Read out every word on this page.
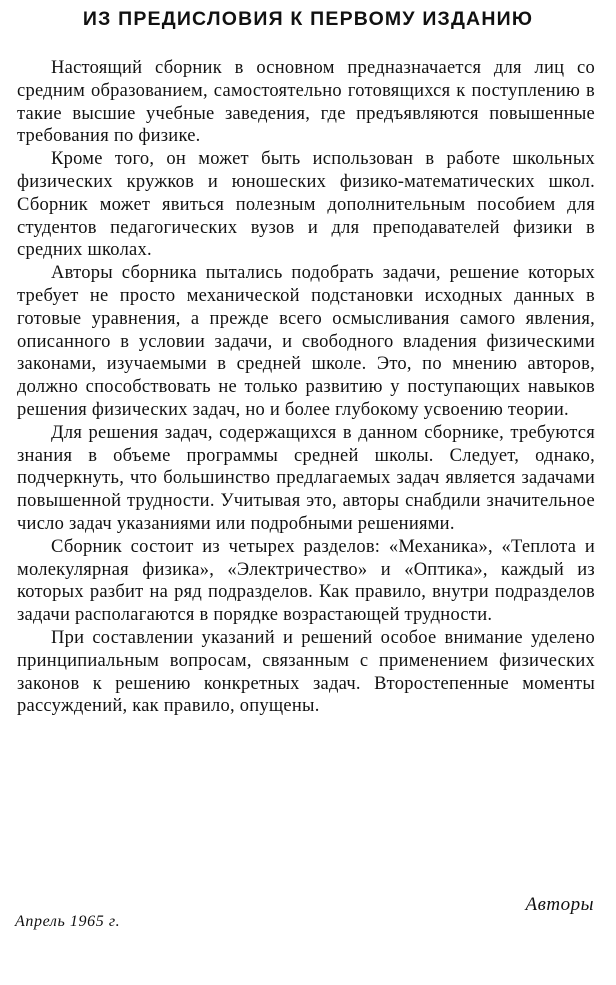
ИЗ ПРЕДИСЛОВИЯ К ПЕРВОМУ ИЗДАНИЮ

Настоящий сборник в основном предназначается для лиц со средним образованием, самостоятельно готовящихся к поступлению в такие высшие учебные заведения, где предъявляются повышенные требования по физике.

Кроме того, он может быть использован в работе школьных физических кружков и юношеских физико-математических школ. Сборник может явиться полезным дополнительным пособием для студентов педагогических вузов и для преподавателей физики в средних школах.

Авторы сборника пытались подобрать задачи, решение которых требует не просто механической подстановки исходных данных в готовые уравнения, а прежде всего осмысливания самого явления, описанного в условии задачи, и свободного владения физическими законами, изучаемыми в средней школе. Это, по мнению авторов, должно способствовать не только развитию у поступающих навыков решения физических задач, но и более глубокому усвоению теории.

Для решения задач, содержащихся в данном сборнике, требуются знания в объеме программы средней школы. Следует, однако, подчеркнуть, что большинство предлагаемых задач является задачами повышенной трудности. Учитывая это, авторы снабдили значительное число задач указаниями или подробными решениями.

Сборник состоит из четырех разделов: «Механика», «Теплота и молекулярная физика», «Электричество» и «Оптика», каждый из которых разбит на ряд подразделов. Как правило, внутри подразделов задачи располагаются в порядке возрастающей трудности.

При составлении указаний и решений особое внимание уделено принципиальным вопросам, связанным с применением физических законов к решению конкретных задач. Второстепенные моменты рассуждений, как правило, опущены.

Авторы
Апрель 1965 г.
